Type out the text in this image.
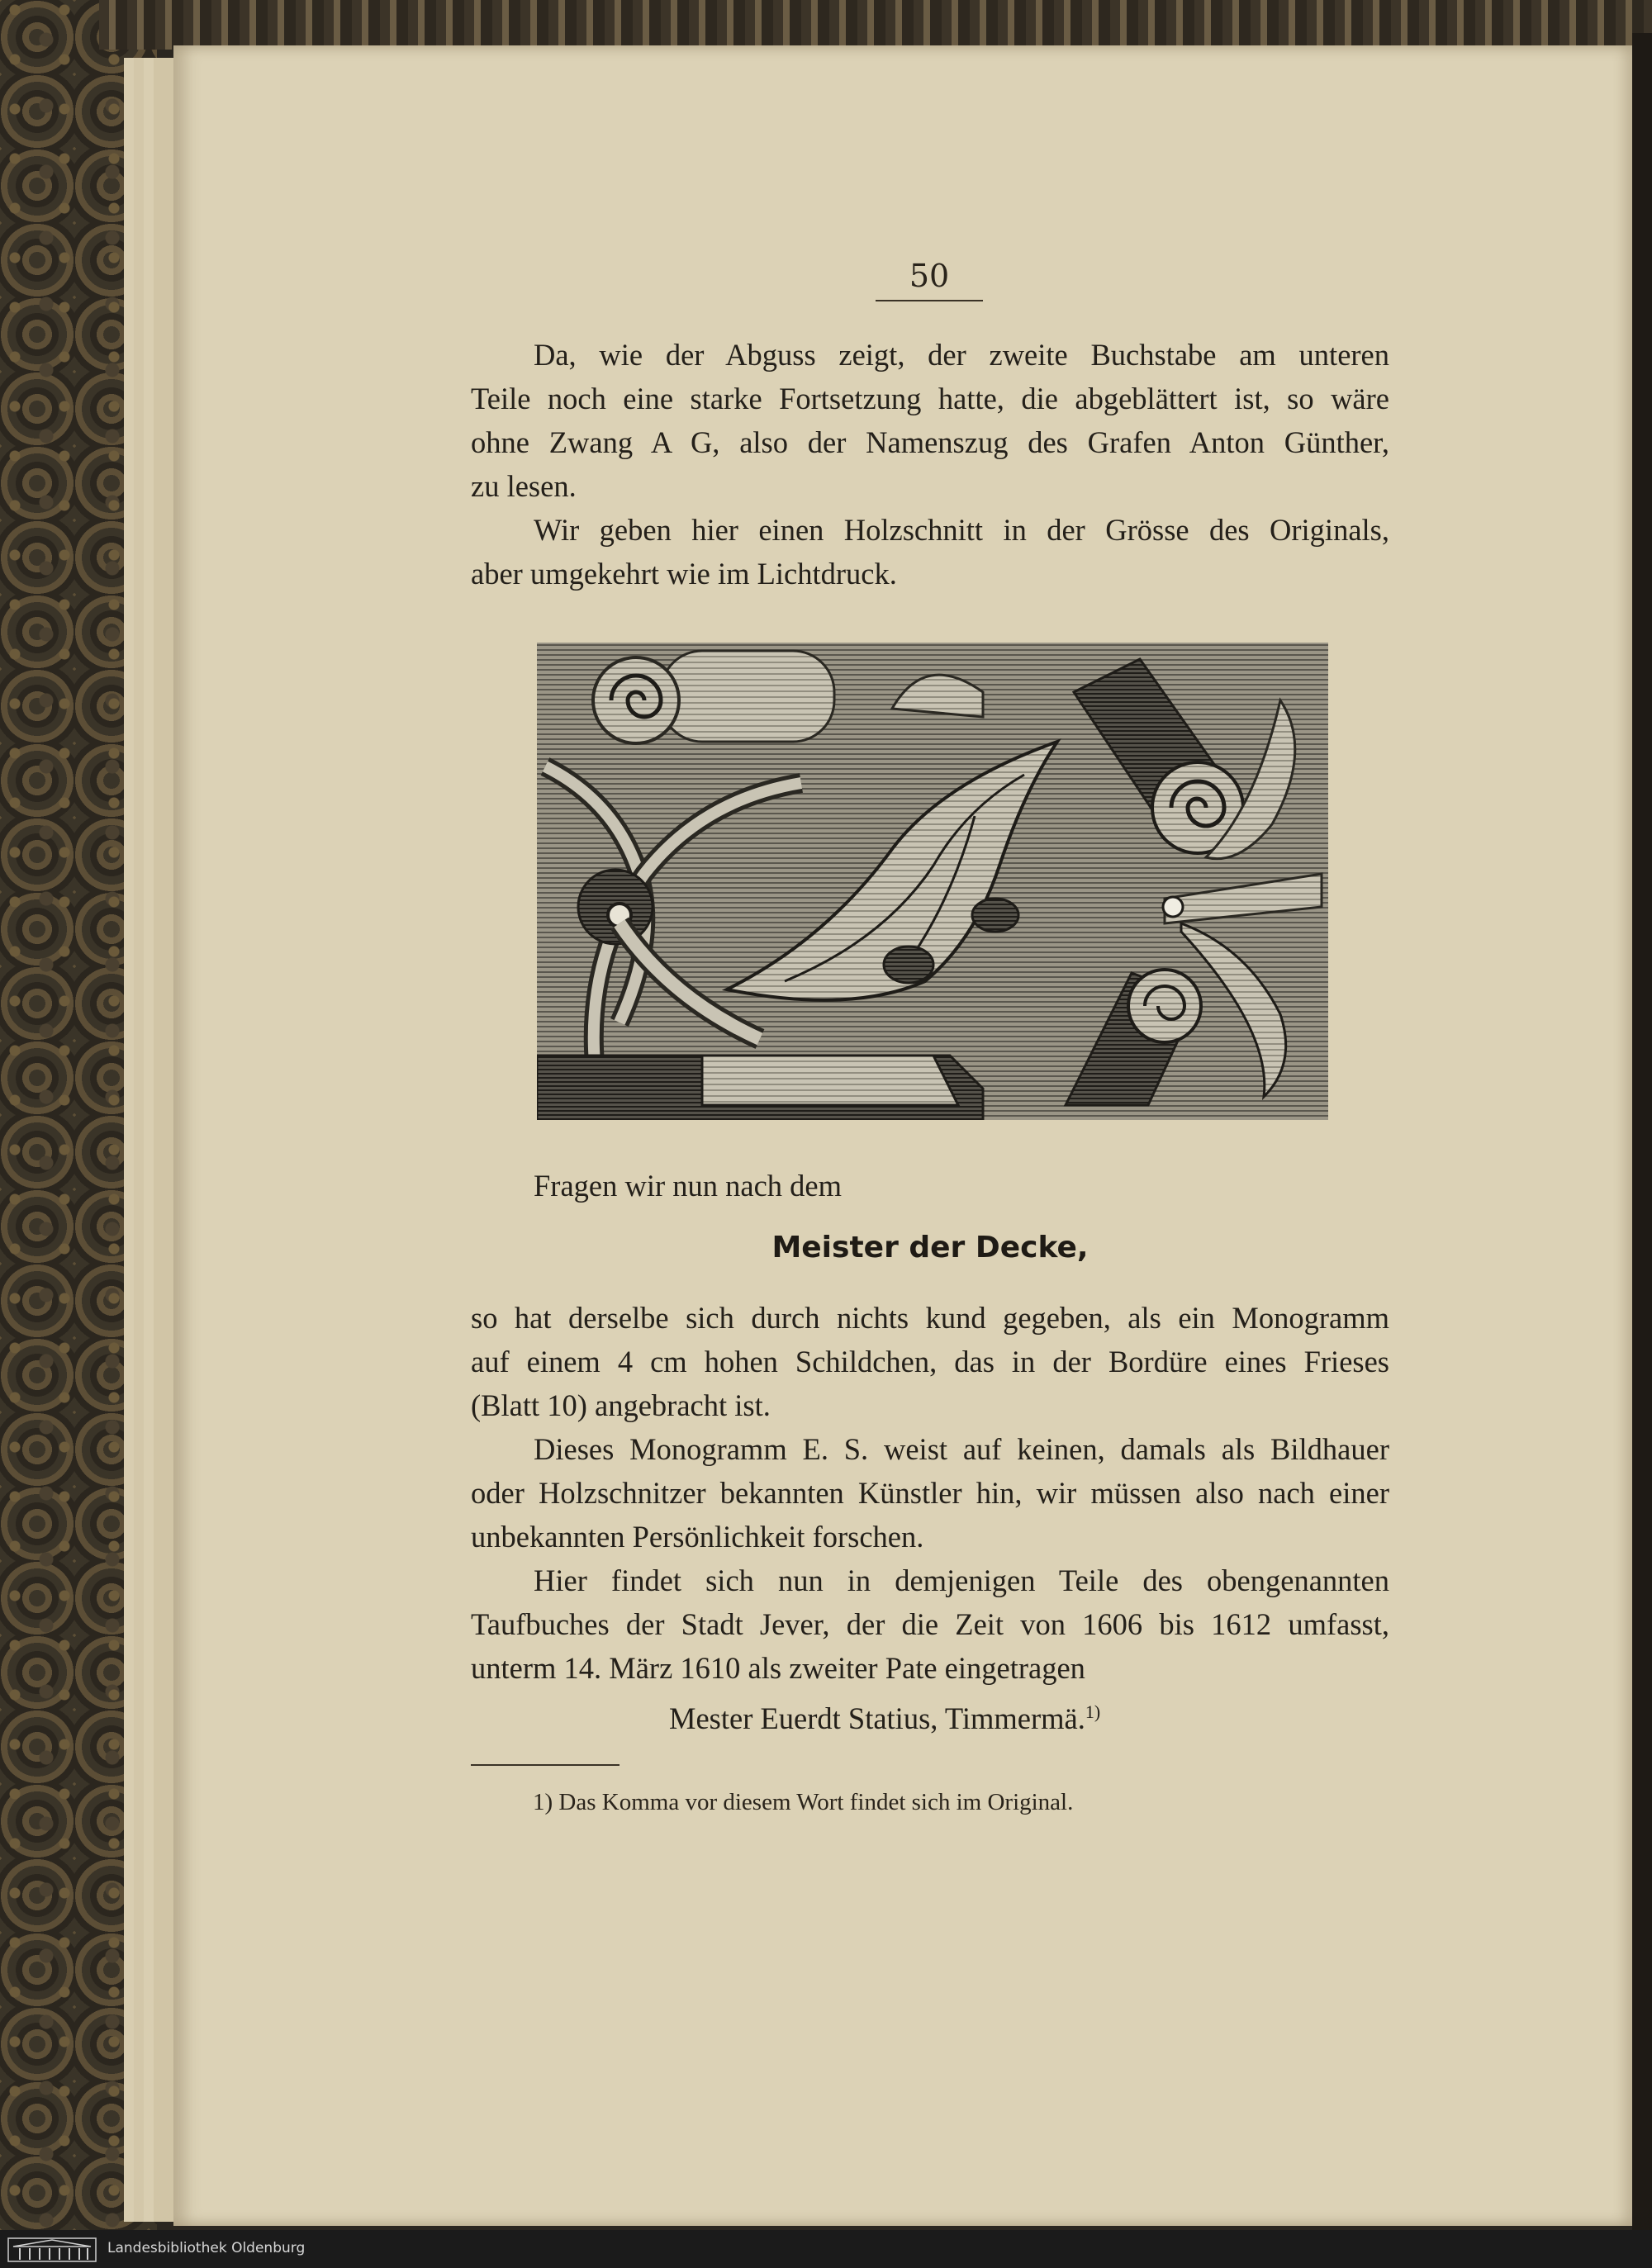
50
Da, wie der Abguss zeigt, der zweite Buchstabe am unteren
Teile noch eine starke Fortsetzung hatte, die abgeblättert ist, so wäre
ohne Zwang A G, also der Namenszug des Grafen Anton Günther,
zu lesen.
Wir geben hier einen Holzschnitt in der Grösse des Originals,
aber umgekehrt wie im Lichtdruck.
Fragen wir nun nach dem
Meister der Decke,
so hat derselbe sich durch nichts kund gegeben, als ein Monogramm
auf einem 4 cm hohen Schildchen, das in der Bordüre eines Frieses
(Blatt 10) angebracht ist.
Dieses Monogramm E. S. weist auf keinen, damals als Bildhauer
oder Holzschnitzer bekannten Künstler hin, wir müssen also nach einer
unbekannten Persönlichkeit forschen.
Hier findet sich nun in demjenigen Teile des obengenannten
Taufbuches der Stadt Jever, der die Zeit von 1606 bis 1612 umfasst,
unterm 14. März 1610 als zweiter Pate eingetragen
Mester Euerdt Statius, Timmermä.$^{1)}$
1) Das Komma vor diesem Wort findet sich im Original.
Landesbibliothek Oldenburg
